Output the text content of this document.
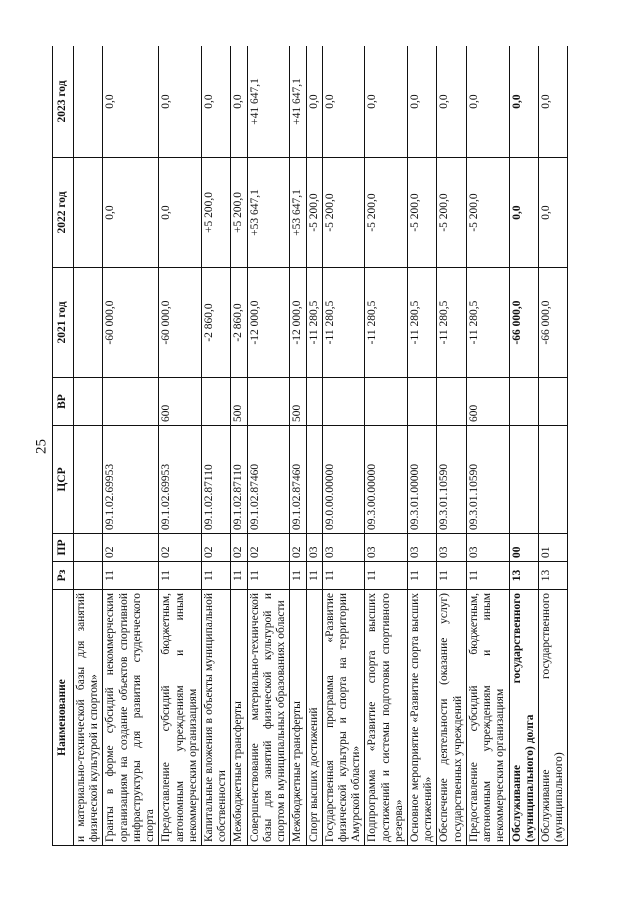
25
Наименование	Рз	ПР	ЦСР	ВР	2021 год	2022 год	2023 год
и материально-технической базы для занятий физической культурой и спортом»							
Гранты в форме субсидий некоммерческим организациям на создание объектов спортивной инфраструктуры для развития студенческого спорта	11	02	09.1.02.69953		-60 000,0	0,0	0,0
Предоставление субсидий бюджетным, автономным учреждениям и иным некоммерческим организациям	11	02	09.1.02.69953	600	-60 000,0	0,0	0,0
Капитальные вложения в объекты муниципальной собственности	11	02	09.1.02.87110		-2 860,0	+5 200,0	0,0
Межбюджетные трансферты	11	02	09.1.02.87110	500	-2 860,0	+5 200,0	0,0
Совершенствование материально-технической базы для занятий физической культурой и спортом в муниципальных образованиях области	11	02	09.1.02.87460		-12 000,0	+53 647,1	+41 647,1
Межбюджетные трансферты	11	02	09.1.02.87460	500	-12 000,0	+53 647,1	+41 647,1
Спорт высших достижений	11	03			-11 280,5	-5 200,0	0,0
Государственная программа «Развитие физической культуры и спорта на территории Амурской области»	11	03	09.0.00.00000		-11 280,5	-5 200,0	0,0
Подпрограмма «Развитие спорта высших достижений и системы подготовки спортивного резерва»	11	03	09.3.00.00000		-11 280,5	-5 200,0	0,0
Основное мероприятие «Развитие спорта высших достижений»	11	03	09.3.01.00000		-11 280,5	-5 200,0	0,0
Обеспечение деятельности (оказание услуг) государственных учреждений	11	03	09.3.01.10590		-11 280,5	-5 200,0	0,0
Предоставление субсидий бюджетным, автономным учреждениям и иным некоммерческим организациям	11	03	09.3.01.10590	600	-11 280,5	-5 200,0	0,0
Обслуживание государственного (муниципального) долга	13	00			-66 000,0	0,0	0,0
Обслуживание государственного (муниципального)	13	01			-66 000,0	0,0	0,0
